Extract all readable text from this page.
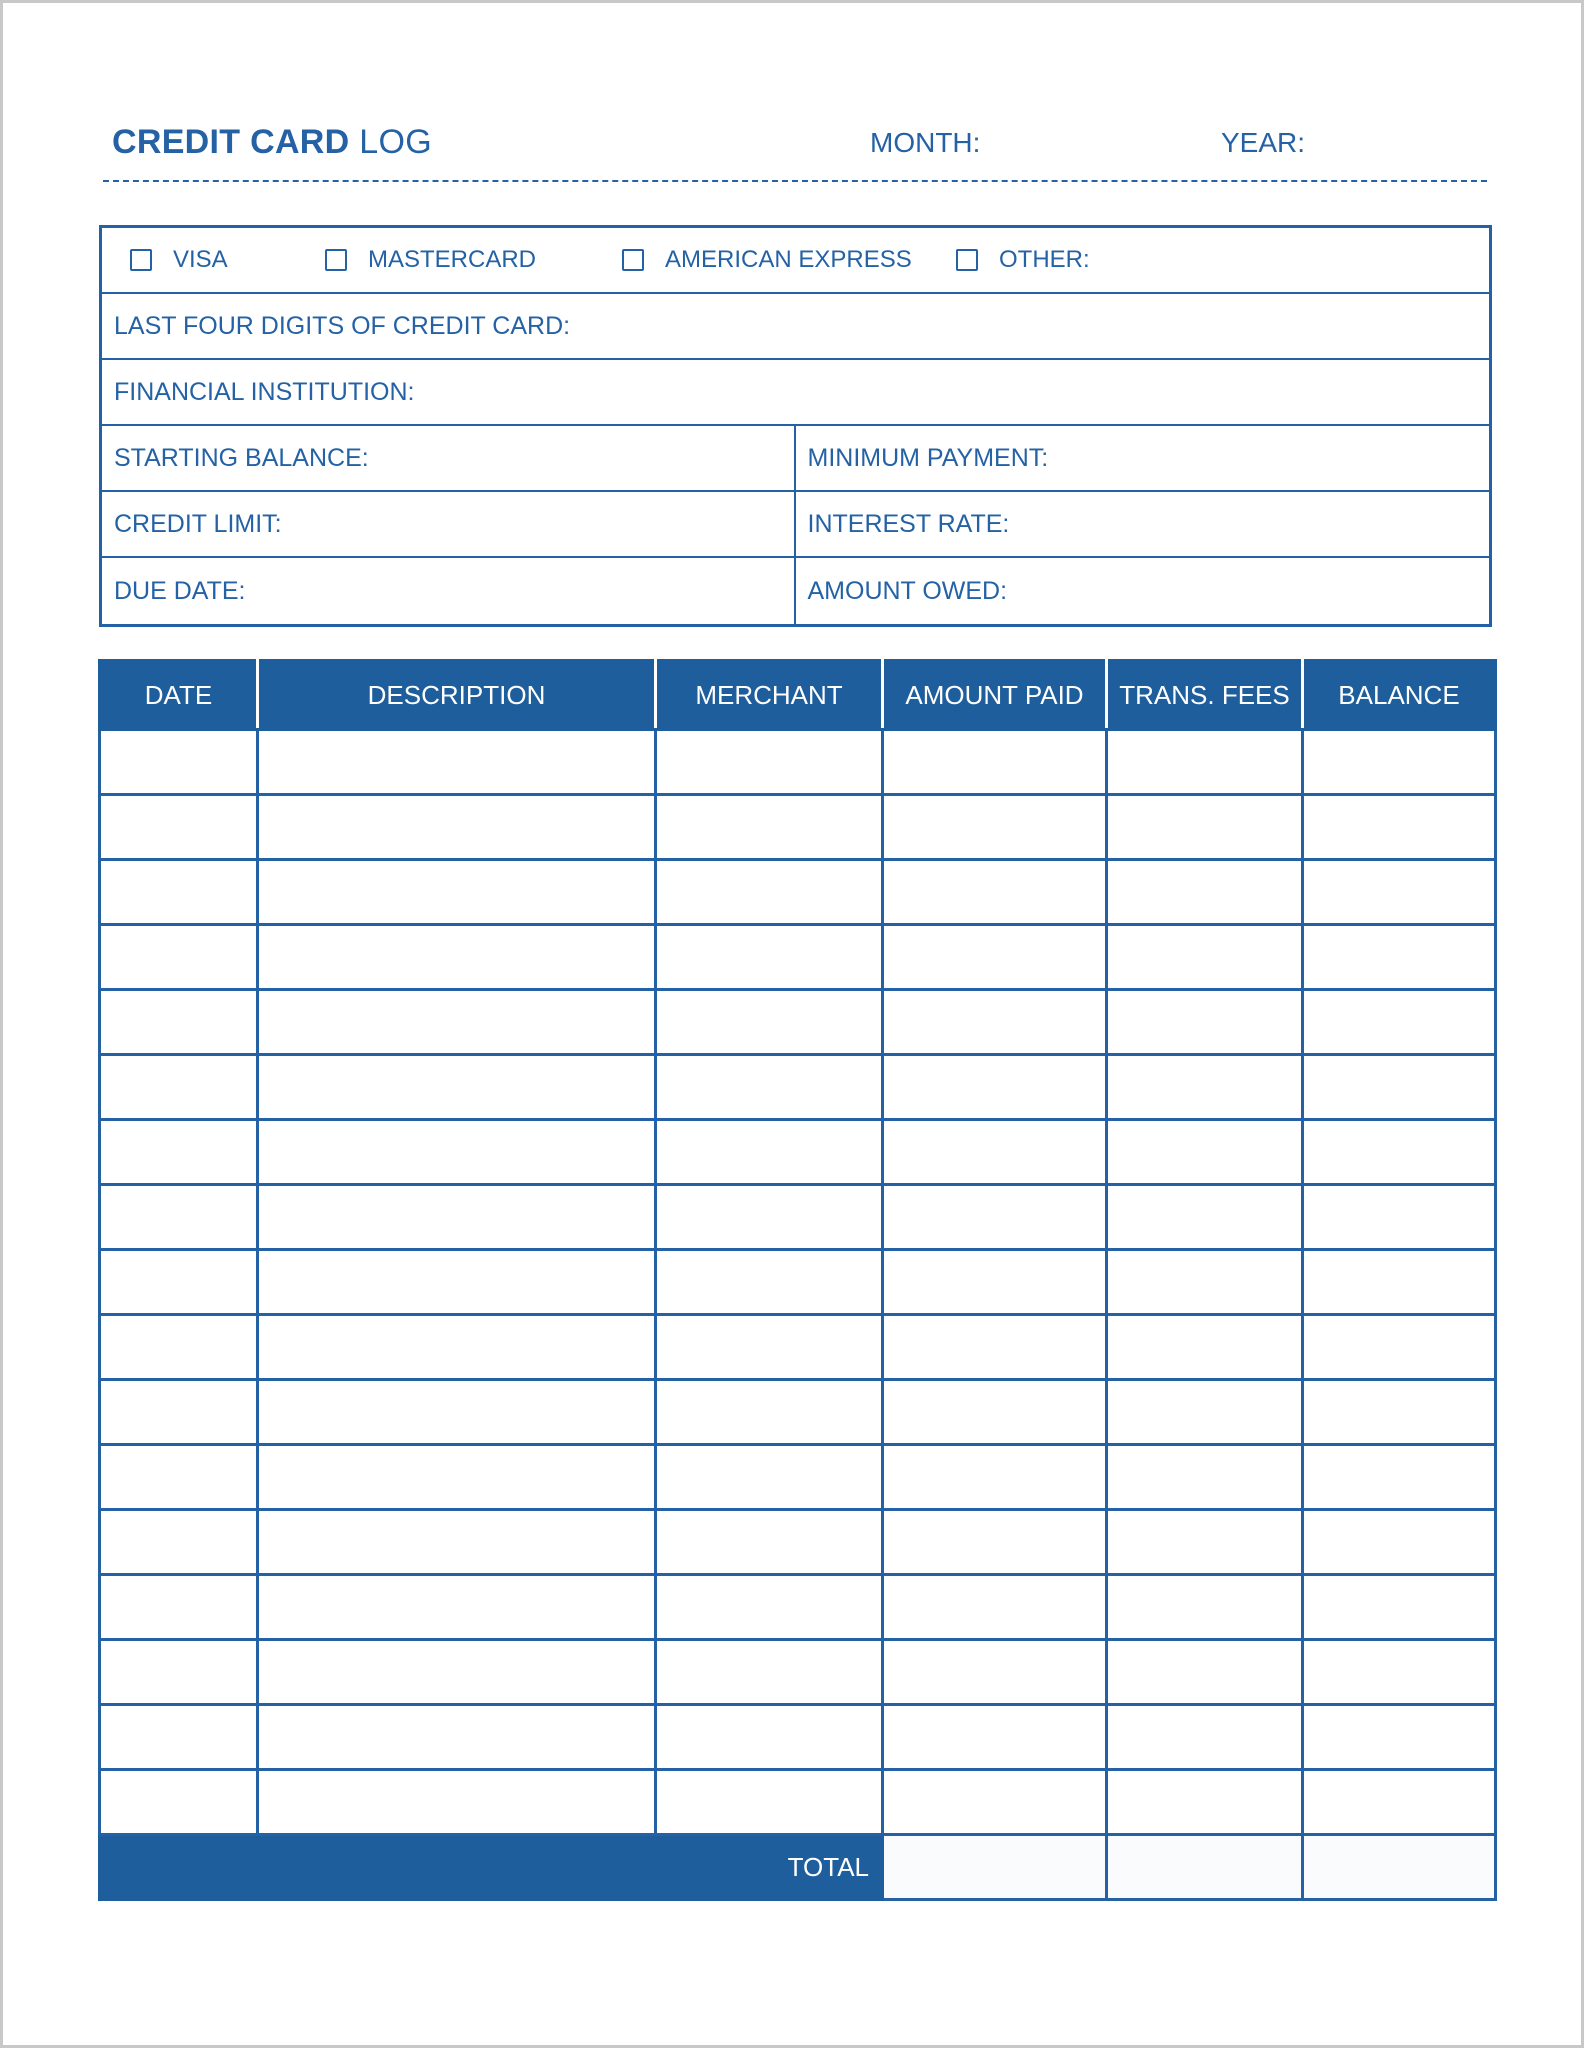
CREDIT CARD LOG	MONTH:	YEAR:
VISA	MASTERCARD	AMERICAN EXPRESS	OTHER:
LAST FOUR DIGITS OF CREDIT CARD:
FINANCIAL INSTITUTION:
STARTING BALANCE:	MINIMUM PAYMENT:
CREDIT LIMIT:	INTEREST RATE:
DUE DATE:	AMOUNT OWED:
DATE	DESCRIPTION	MERCHANT	AMOUNT PAID	TRANS. FEES	BALANCE

TOTAL					
